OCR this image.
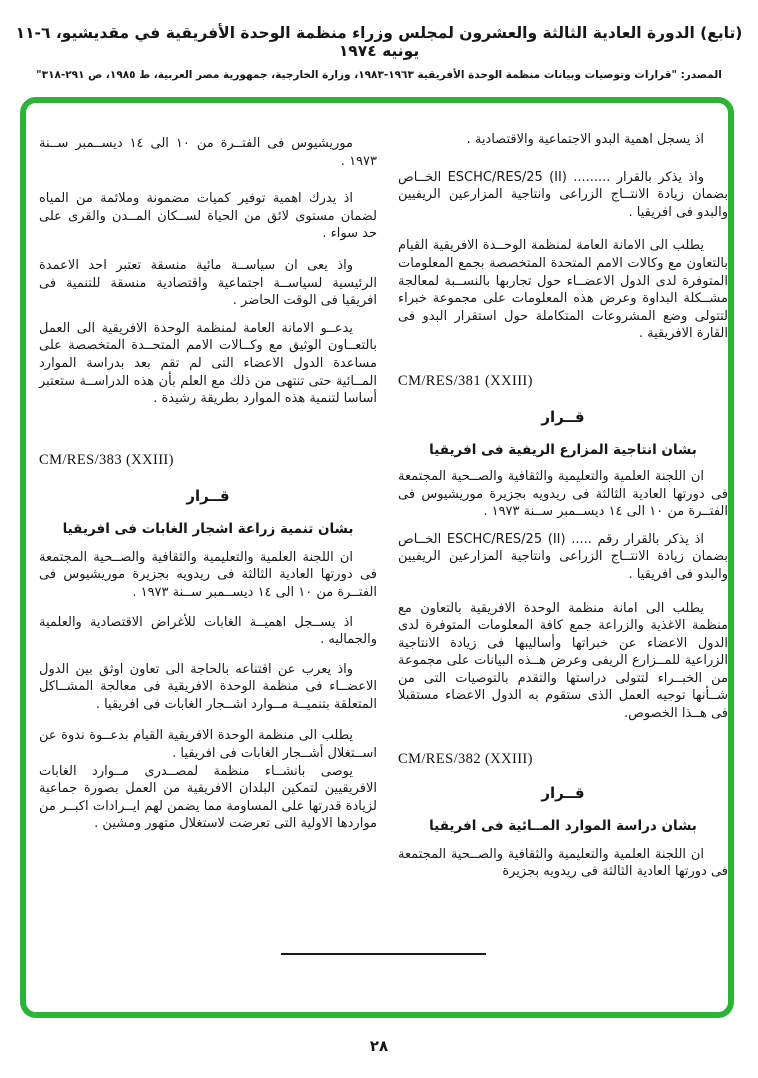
(تابع) الدورة العادية الثالثة والعشرون لمجلس وزراء منظمة الوحدة الأفريقية في مقديشيو، ٦-١١ يونيه ١٩٧٤
المصدر: "قرارات وتوصيات وبيانات منظمة الوحدة الأفريقية ١٩٦٣-١٩٨٣، وزارة الخارجية، جمهورية مصر العربية، ط ١٩٨٥، ص ٢٩١-٣١٨"

اذ يسجل اهمية البدو الاجتماعية والاقتصادية .

واذ يذكر بالقرار ......... ESCHC/RES/25 (II) الخــاص بضمان زيادة الانتــاج الزراعى وانتاجية المزارعين الريفيين والبدو فى افريقيا .

يطلب الى الامانة العامة لمنظمة الوحــدة الافريقية القيام بالتعاون مع وكالات الامم المتحدة المتخصصة بجمع المعلومات المتوفرة لدى الدول الاعضــاء حول تجاربها بالنســبة لمعالجة مشــكلة البداوة وعرض هذه المعلومات على مجموعة خبراء لتتولى وضع المشروعات المتكاملة حول استقرار البدو فى القارة الافريقية .

CM/RES/381 (XXIII)
قــرار
بشان انتاجية المزارع الريفية فى افريقيا

ان اللجنة العلمية والتعليمية والثقافية والصــحية المجتمعة فى دورتها العادية الثالثة فى ريدويه بجزيرة موريشيوس فى الفتــرة من ١٠ الى ١٤ ديســمبر ســنة ١٩٧٣ .

اذ يذكر بالقرار رقم ..... ESCHC/RES/25 (II) الخــاص بضمان زيادة الانتــاج الزراعى وانتاجية المزارعين الريفيين والبدو فى افريقيا .

يطلب الى امانة منظمة الوحدة الافريقية بالتعاون مع منظمة الاغذية والزراعة جمع كافة المعلومات المتوفرة لدى الدول الاعضاء عن خبراتها وأساليبها فى زيادة الانتاجية الزراعية للمــزارع الريفى وعرض هــذه البيانات على مجموعة من الخبــراء لتتولى دراستها والتقدم بالتوصيات التى من شــأنها توجيه العمل الذى ستقوم به الدول الاعضاء مستقبلا فى هــذا الخصوص.

CM/RES/382 (XXIII)
قــرار
بشان دراسة الموارد المــائية فى افريقيا

ان اللجنة العلمية والتعليمية والثقافية والصــحية المجتمعة فى دورتها العادية الثالثة فى ريدويه بجزيرة

موريشيوس فى الفتــرة من ١٠ الى ١٤ ديســمبر ســنة ١٩٧٣ .

اذ يدرك اهمية توفير كميات مضمونة وملائمة من المياه لضمان مستوى لائق من الحياة لســكان المــدن والقرى على حد سواء .

واذ يعى ان سياســة مائية منسقة تعتبر احد الاعمدة الرئيسية لسياســة اجتماعية واقتصادية منسقة للتنمية فى افريقيا فى الوقت الحاضر .

يدعــو الامانة العامة لمنظمة الوحدة الافريقية الى العمل بالتعــاون الوثيق مع وكــالات الامم المتحــدة المتخصصة على مساعدة الدول الاعضاء التى لم تقم بعد بدراسة الموارد المــائية حتى تنتهى من ذلك مع العلم بأن هذه الدراســة ستعتبر أساسا لتنمية هذه الموارد بطريقة رشيدة .

CM/RES/383 (XXIII)
قــرار
بشان تنمية زراعة اشجار الغابات فى افريقيا

ان اللجنة العلمية والتعليمية والثقافية والصــحية المجتمعة فى دورتها العادية الثالثة فى ريدويه بجزيرة موريشيوس فى الفتــرة من ١٠ الى ١٤ ديســمبر ســنة ١٩٧٣ .

اذ يســجل اهميــة الغابات للأغراض الاقتصادية والعلمية والجماليه .

واذ يعرب عن اقتناعه بالحاجة الى تعاون اوثق بين الدول الاعضــاء فى منظمة الوحدة الافريقية فى معالجة المشــاكل المتعلقة بتنميــة مــوارد اشــجار الغابات فى افريقيا .

يطلب الى منظمة الوحدة الافريقية القيام بدعــوة ندوة عن اســتغلال أشــجار الغابات فى افريقيا .

يوصى بانشــاء منظمة لمصــدرى مــوارد الغابات الافريقيين لتمكين البلدان الافريقية من العمل بصورة جماعية لزيادة قدرتها على المساومة مما يضمن لهم ايــرادات اكبــر من مواردها الاولية التى تعرضت لاستغلال متهور ومشين .

٢٨
